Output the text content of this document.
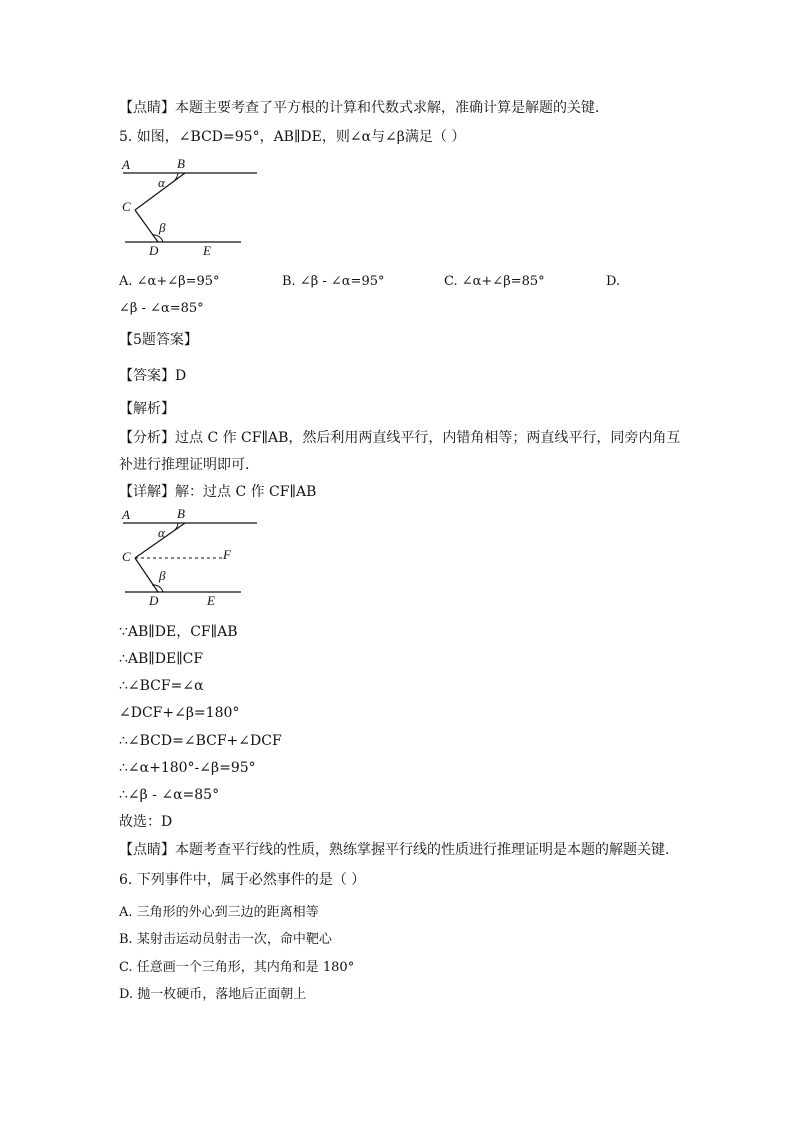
【点睛】本题主要考查了平方根的计算和代数式求解，准确计算是解题的关键．
5. 如图，∠BCD=95°，AB∥DE，则∠α与∠β满足（ ）
A	B
α
C
β
D	E
A. ∠α+∠β=95°	B. ∠β - ∠α=95°	C. ∠α+∠β=85°	D.
∠β - ∠α=85°
【5题答案】
【答案】D
【解析】
【分析】过点 C 作 CF∥AB，然后利用两直线平行，内错角相等；两直线平行，同旁内角互
补进行推理证明即可.
【详解】解：过点 C 作 CF∥AB
A	B
α
C	F
β
D	E
∵AB∥DE，CF∥AB
∴AB∥DE∥CF
∴∠BCF=∠α
∠DCF+∠β=180°
∴∠BCD=∠BCF+∠DCF
∴∠α+180°-∠β=95°
∴∠β - ∠α=85°
故选：D
【点睛】本题考查平行线的性质，熟练掌握平行线的性质进行推理证明是本题的解题关键.
6. 下列事件中，属于必然事件的是（ ）
A. 三角形的外心到三边的距离相等
B. 某射击运动员射击一次，命中靶心
C. 任意画一个三角形，其内角和是 180°
D. 抛一枚硬币，落地后正面朝上
